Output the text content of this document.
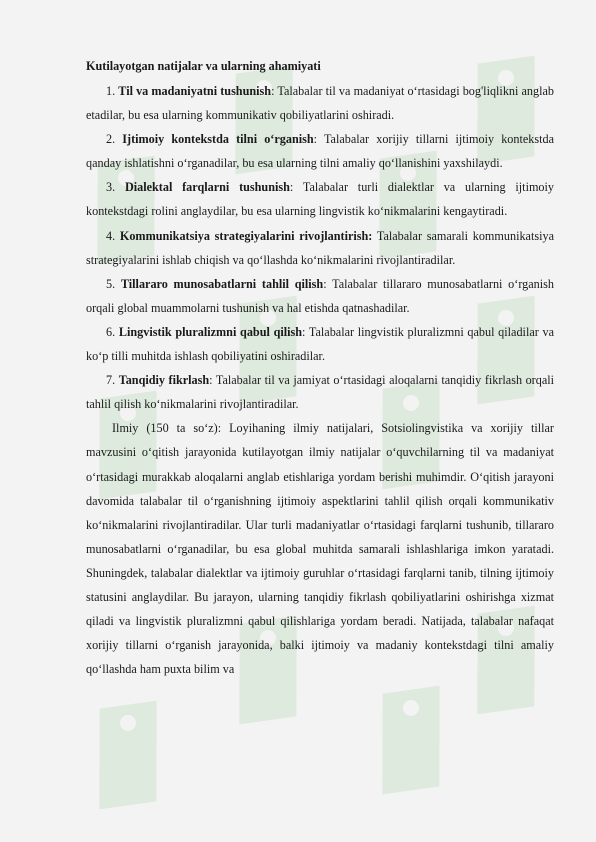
Kutilayotgan natijalar va ularning ahamiyati

1. Til va madaniyatni tushunish: Talabalar til va madaniyat o‘rtasidagi bog'liqlikni anglab etadilar, bu esa ularning kommunikativ qobiliyatlarini oshiradi.

2. Ijtimoiy kontekstda tilni o‘rganish: Talabalar xorijiy tillarni ijtimoiy kontekstda qanday ishlatishni o‘rganadilar, bu esa ularning tilni amaliy qo‘llanishini yaxshilaydi.

3. Dialektal farqlarni tushunish: Talabalar turli dialektlar va ularning ijtimoiy kontekstdagi rolini anglaydilar, bu esa ularning lingvistik ko‘nikmalarini kengaytiradi.

4. Kommunikatsiya strategiyalarini rivojlantirish: Talabalar samarali kommunikatsiya strategiyalarini ishlab chiqish va qo‘llashda ko‘nikmalarini rivojlantiradilar.

5. Tillararo munosabatlarni tahlil qilish: Talabalar tillararo munosabatlarni o‘rganish orqali global muammolarni tushunish va hal etishda qatnashadilar.

6. Lingvistik pluralizmni qabul qilish: Talabalar lingvistik pluralizmni qabul qiladilar va ko‘p tilli muhitda ishlash qobiliyatini oshiradilar.

7. Tanqidiy fikrlash: Talabalar til va jamiyat o‘rtasidagi aloqalarni tanqidiy fikrlash orqali tahlil qilish ko‘nikmalarini rivojlantiradilar.

Ilmiy (150 ta so‘z): Loyihaning ilmiy natijalari, Sotsiolingvistika va xorijiy tillar mavzusini o‘qitish jarayonida kutilayotgan ilmiy natijalar o‘quvchilarning til va madaniyat o‘rtasidagi murakkab aloqalarni anglab etishlariga yordam berishi muhimdir. O‘qitish jarayoni davomida talabalar til o‘rganishning ijtimoiy aspektlarini tahlil qilish orqali kommunikativ ko‘nikmalarini rivojlantiradilar. Ular turli madaniyatlar o‘rtasidagi farqlarni tushunib, tillararo munosabatlarni o‘rganadilar, bu esa global muhitda samarali ishlashlariga imkon yaratadi. Shuningdek, talabalar dialektlar va ijtimoiy guruhlar o‘rtasidagi farqlarni tanib, tilning ijtimoiy statusini anglaydilar. Bu jarayon, ularning tanqidiy fikrlash qobiliyatlarini oshirishga xizmat qiladi va lingvistik pluralizmni qabul qilishlariga yordam beradi. Natijada, talabalar nafaqat xorijiy tillarni o‘rganish jarayonida, balki ijtimoiy va madaniy kontekstdagi tilni amaliy qo‘llashda ham puxta bilim va
